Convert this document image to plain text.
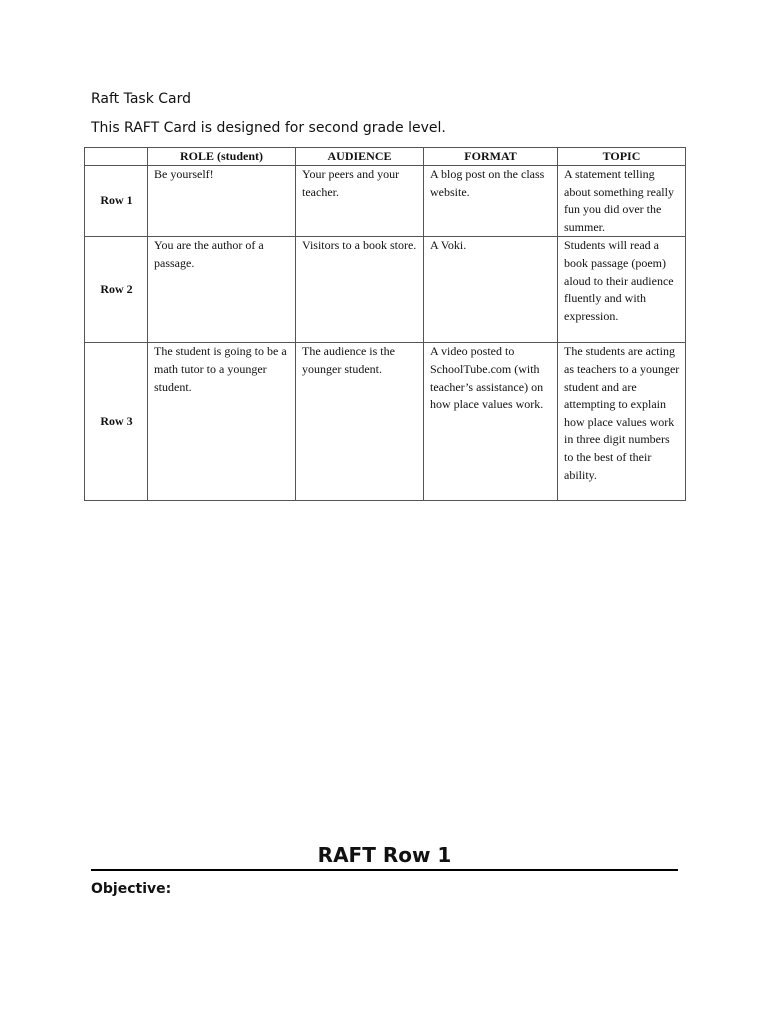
Raft Task Card
This RAFT Card is designed for second grade level.
	ROLE (student)	AUDIENCE	FORMAT	TOPIC
Row 1	Be yourself!	Your peers and your teacher.	A blog post on the class website.	A statement telling about something really fun you did over the summer.
Row 2	You are the author of a passage.	Visitors to a book store.	A Voki.	Students will read a book passage (poem) aloud to their audience fluently and with expression.
Row 3	The student is going to be a math tutor to a younger student.	The audience is the younger student.	A video posted to SchoolTube.com (with teacher’s assistance) on how place values work.	The students are acting as teachers to a younger student and are attempting to explain how place values work in three digit numbers to the best of their ability.
RAFT Row 1
Objective:
